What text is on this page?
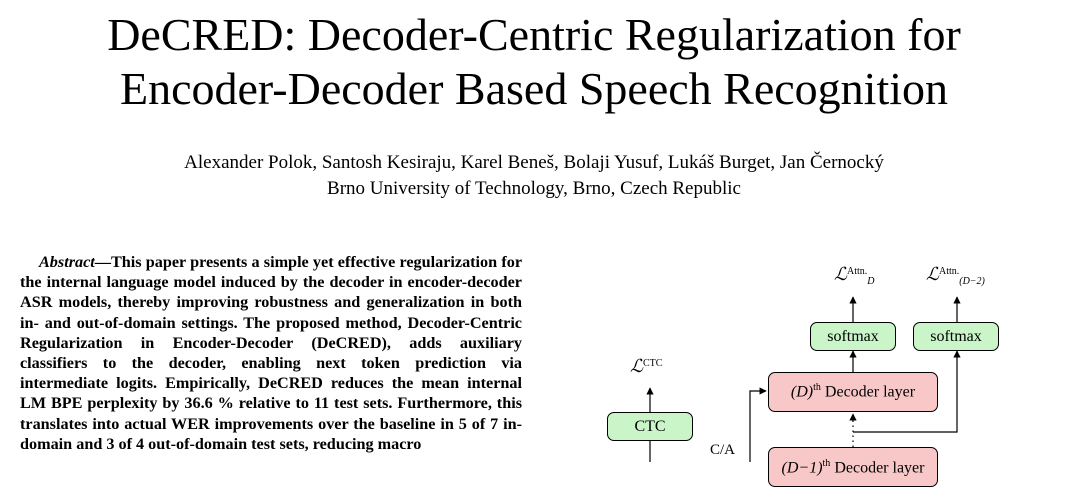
DeCRED: Decoder-Centric Regularization for
Encoder-Decoder Based Speech Recognition
Alexander Polok, Santosh Kesiraju, Karel Beneš, Bolaji Yusuf, Lukáš Burget, Jan Černocký
Brno University of Technology, Brno, Czech Republic

Abstract—This paper presents a simple yet effective regularization for the internal language model induced by the decoder in encoder-decoder ASR models, thereby improving robustness and generalization in both in- and out-of-domain settings. The proposed method, Decoder-Centric Regularization in Encoder-Decoder (DeCRED), adds auxiliary classifiers to the decoder, enabling next token prediction via intermediate logits. Empirically, DeCRED reduces the mean internal LM BPE perplexity by 36.6 % relative to 11 test sets. Furthermore, this translates into actual WER improvements over the baseline in 5 of 7 in-domain and 3 of 4 out-of-domain test sets, reducing macro

ℒ$^{CTC}$
ℒ$^{Attn.}_D$	ℒ$^{Attn.}_{(D-2)}$
softmax	softmax
CTC
$(D)^{th}$ Decoder layer
$(D-1)^{th}$ Decoder layer
C/A
